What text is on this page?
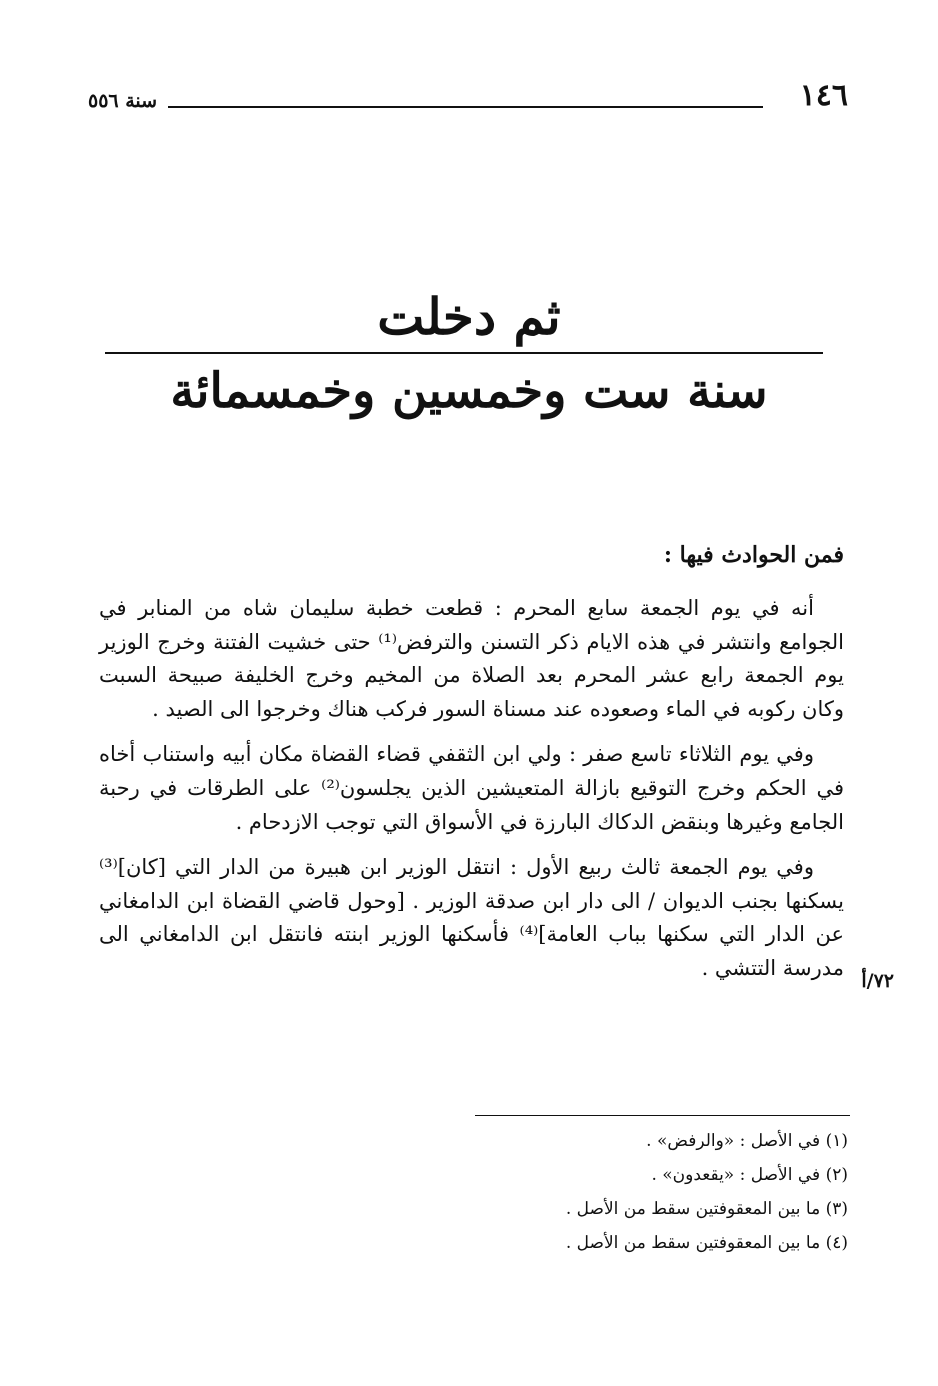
١٤٦
سنة ٥٥٦
ثم دخلت
سنة ست وخمسين وخمسمائة
فمن الحوادث فيها :

أنه في يوم الجمعة سابع المحرم : قطعت خطبة سليمان شاه من المنابر في الجوامع وانتشر في هذه الايام ذكر التسنن والترفض⁽¹⁾ حتى خشيت الفتنة وخرج الوزير يوم الجمعة رابع عشر المحرم بعد الصلاة من المخيم وخرج الخليفة صبيحة السبت وكان ركوبه في الماء وصعوده عند مسناة السور فركب هناك وخرجوا الى الصيد .

وفي يوم الثلاثاء تاسع صفر : ولي ابن الثقفي قضاء القضاة مكان أبيه واستناب أخاه في الحكم وخرج التوقيع بازالة المتعيشين الذين يجلسون⁽²⁾ على الطرقات في رحبة الجامع وغيرها وبنقض الدكاك البارزة في الأسواق التي توجب الازدحام .

وفي يوم الجمعة ثالث ربيع الأول : انتقل الوزير ابن هبيرة من الدار التي [كان]⁽³⁾ يسكنها بجنب الديوان / الى دار ابن صدقة الوزير . [وحول قاضي القضاة ابن الدامغاني عن الدار التي سكنها بباب العامة]⁽⁴⁾ فأسكنها الوزير ابنته فانتقل ابن الدامغاني الى مدرسة التتشي .

٧٢/أ
(١) في الأصل : «والرفض» .
(٢) في الأصل : «يقعدون» .
(٣) ما بين المعقوفتين سقط من الأصل .
(٤) ما بين المعقوفتين سقط من الأصل .
